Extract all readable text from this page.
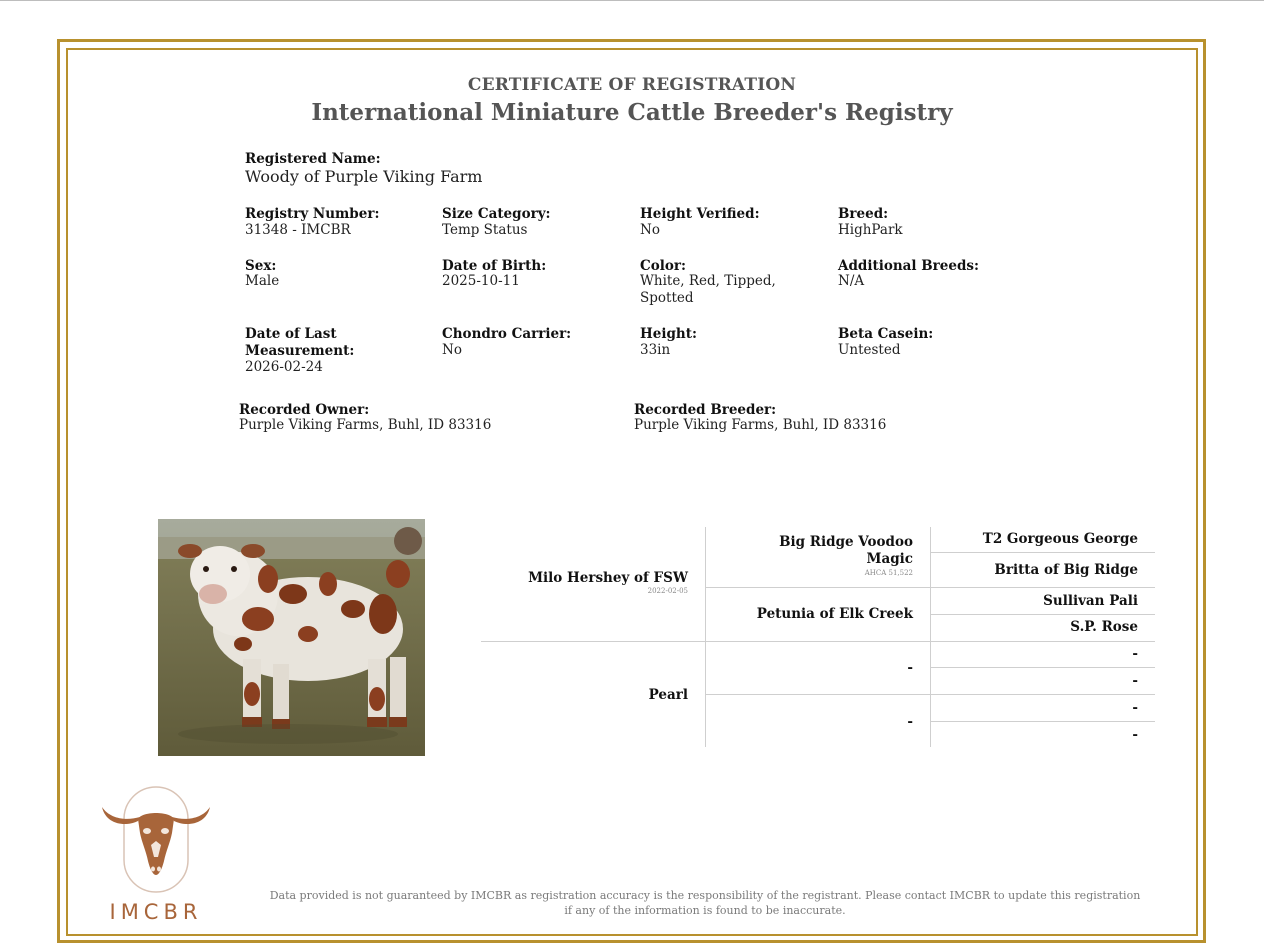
CERTIFICATE OF REGISTRATION
International Miniature Cattle Breeder's Registry
Registered Name:
Woody of Purple Viking Farm
Registry Number:
31348 - IMCBR
Size Category:
Temp Status
Height Verified:
No
Breed:
HighPark
Sex:
Male
Date of Birth:
2025-10-11
Color:
White, Red, Tipped,
Spotted
Additional Breeds:
N/A
Date of Last
Measurement:
2026-02-24
Chondro Carrier:
No
Height:
33in
Beta Casein:
Untested
Recorded Owner:
Purple Viking Farms, Buhl, ID 83316
Recorded Breeder:
Purple Viking Farms, Buhl, ID 83316
Milo Hershey of FSW
2022-02-05
Pearl
Big Ridge Voodoo
Magic
AHCA 51,522
Petunia of Elk Creek
-
-
T2 Gorgeous George
Britta of Big Ridge
Sullivan Pali
S.P. Rose
-
-
-
-
IMCBR
Data provided is not guaranteed by IMCBR as registration accuracy is the responsibility of the registrant. Please contact IMCBR to update this registration
if any of the information is found to be inaccurate.
